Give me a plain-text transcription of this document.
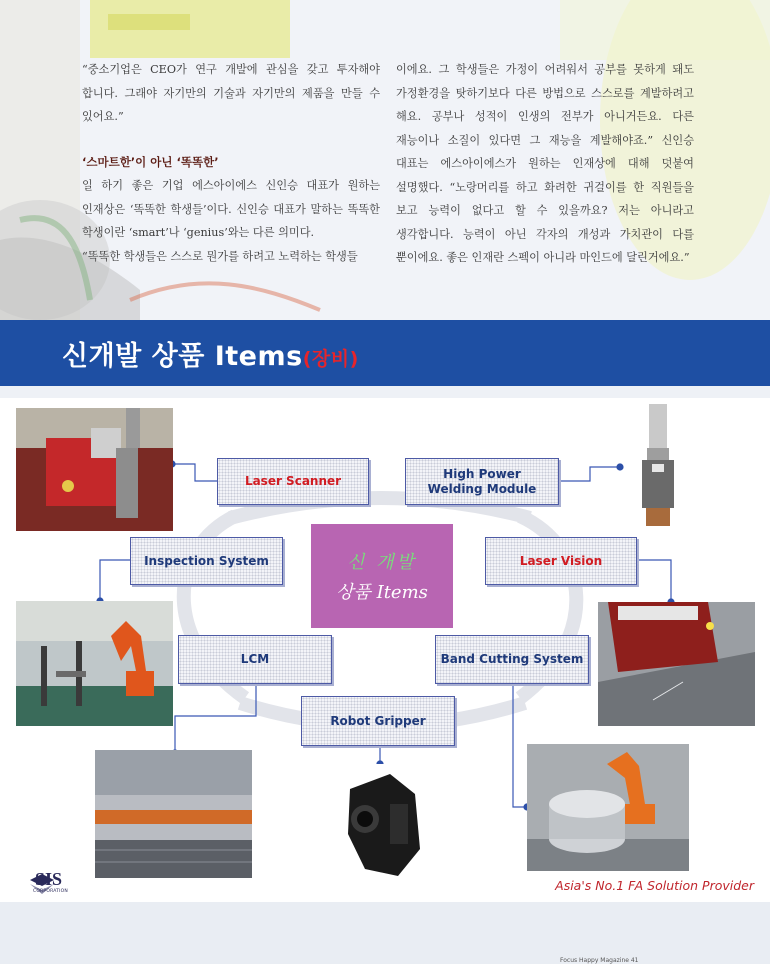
“중소기업은 CEO가 연구 개발에 관심을 갖고 투자해야 합니다. 그래야 자기만의 기술과 자기만의 제품을 만들 수 있어요.”

‘스마트한’이 아닌 ‘똑똑한’

일 하기 좋은 기업 에스아이에스 신인승 대표가 원하는 인재상은 ‘똑똑한 학생들’이다. 신인승 대표가 말하는 똑똑한 학생이란 ‘smart’나 ‘genius’와는 다른 의미다.

“똑똑한 학생들은 스스로 뭔가를 하려고 노력하는 학생들

이에요. 그 학생들은 가정이 어려워서 공부를 못하게 돼도 가정환경을 탓하기보다 다른 방법으로 스스로를 계발하려고 해요. 공부나 성적이 인생의 전부가 아니거든요. 다른 재능이나 소질이 있다면 그 재능을 계발해야죠.” 신인승 대표는 에스아이에스가 원하는 인재상에 대해 덧붙여 설명했다. “노랑머리를 하고 화려한 귀걸이를 한 직원들을 보고 능력이 없다고 할 수 있을까요? 저는 아니라고 생각합니다. 능력이 아닌 각자의 개성과 가치관이 다를 뿐이에요. 좋은 인재란 스펙이 아니라 마인드에 달린거에요.”

신개발 상품 Items(장비)
Laser Scanner
High Power
Welding Module
Inspection System	신 개발
상품 Items
Laser Vision
LCM	Band Cutting System
Robot Gripper
SIS
CORPORATION	Asia's No.1 FA Solution Provider
Focus Happy Magazine 41
